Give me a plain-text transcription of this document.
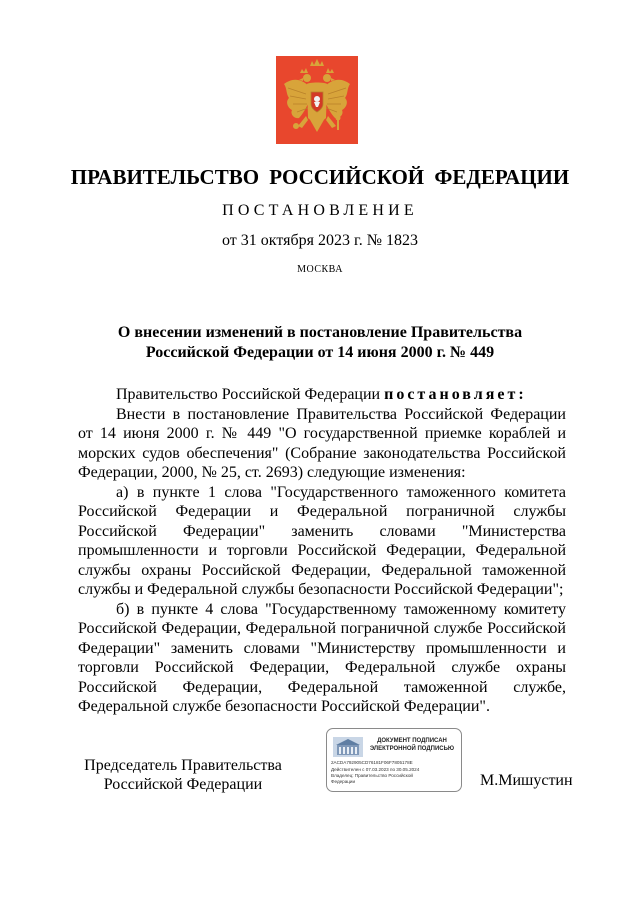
ПРАВИТЕЛЬСТВО РОССИЙСКОЙ ФЕДЕРАЦИИ
ПОСТАНОВЛЕНИЕ
от 31 октября 2023 г. № 1823
МОСКВА
О внесении изменений в постановление Правительства
Российской Федерации от 14 июня 2000 г. № 449

Правительство Российской Федерации постановляет:

Внести в постановление Правительства Российской Федерации от 14 июня 2000 г. № 449 "О государственной приемке кораблей и морских судов обеспечения" (Собрание законодательства Российской Федерации, 2000, № 25, ст. 2693) следующие изменения:

а) в пункте 1 слова "Государственного таможенного комитета Российской Федерации и Федеральной пограничной службы Российской Федерации" заменить словами "Министерства промышленности и торговли Российской Федерации, Федеральной службы охраны Российской Федерации, Федеральной таможенной службы и Федеральной службы безопасности Российской Федерации";

б) в пункте 4 слова "Государственному таможенному комитету Российской Федерации, Федеральной пограничной службе Российской Федерации" заменить словами "Министерству промышленности и торговли Российской Федерации, Федеральной службе охраны Российской Федерации, Федеральной таможенной службе, Федеральной службе безопасности Российской Федерации".

Председатель Правительства
Российской Федерации
ДОКУМЕНТ ПОДПИСАН
ЭЛЕКТРОННОЙ ПОДПИСЬЮ
2ACDA792905CD76181F06F7805178E
Действителен с 07.03.2023 по 30.05.2024
Владелец: Правительство Российской
Федерации	М.Мишустин
